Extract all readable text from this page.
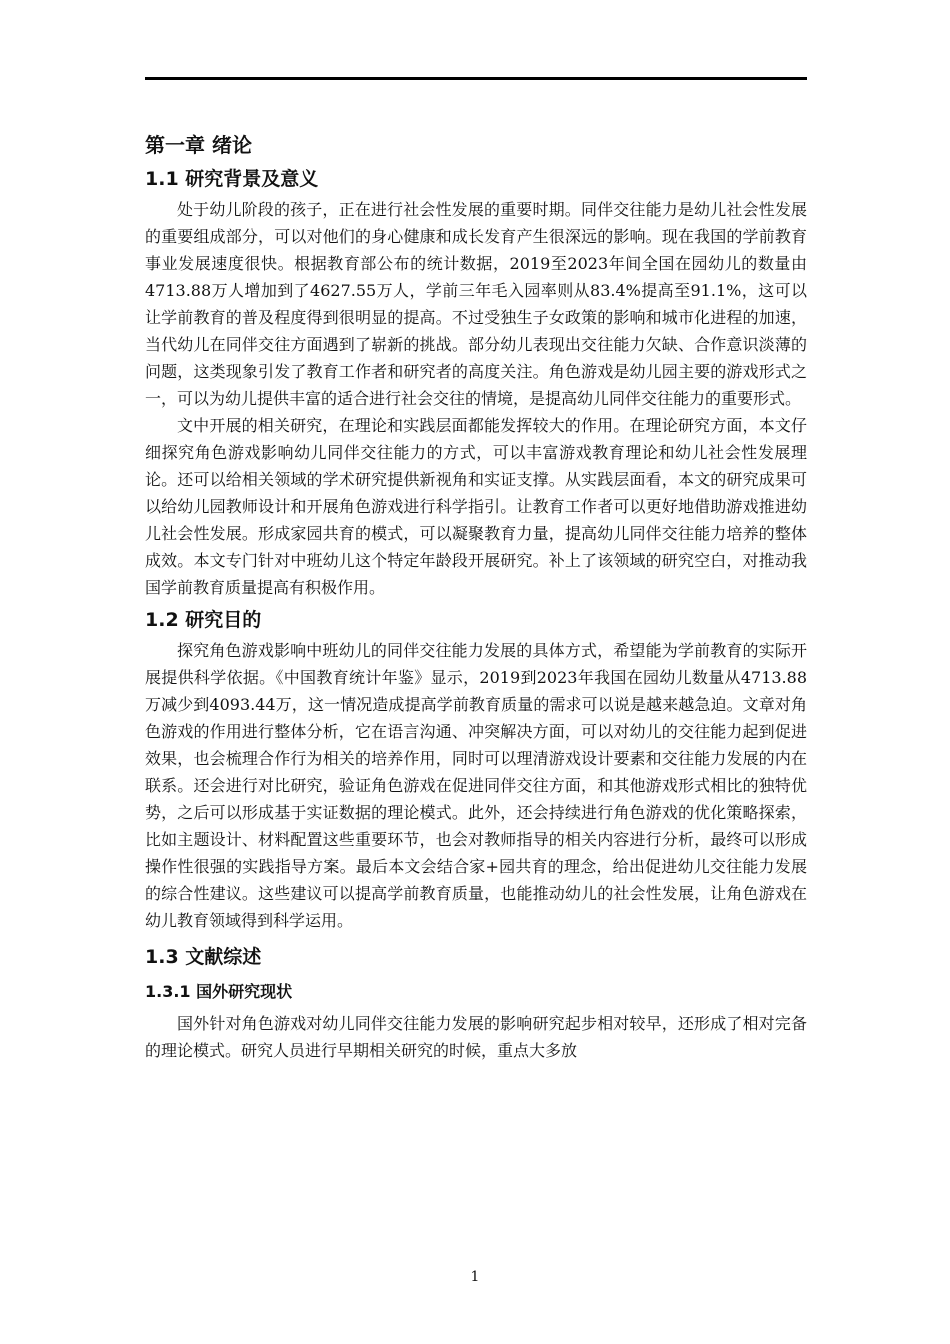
第一章 绪论
1.1 研究背景及意义

处于幼儿阶段的孩子，正在进行社会性发展的重要时期。同伴交往能力是幼儿社会性发展的重要组成部分，可以对他们的身心健康和成长发育产生很深远的影响。现在我国的学前教育事业发展速度很快。根据教育部公布的统计数据，2019至2023年间全国在园幼儿的数量由4713.88万人增加到了4627.55万人，学前三年毛入园率则从83.4%提高至91.1%，这可以让学前教育的普及程度得到很明显的提高。不过受独生子女政策的影响和城市化进程的加速，当代幼儿在同伴交往方面遇到了崭新的挑战。部分幼儿表现出交往能力欠缺、合作意识淡薄的问题，这类现象引发了教育工作者和研究者的高度关注。角色游戏是幼儿园主要的游戏形式之一，可以为幼儿提供丰富的适合进行社会交往的情境，是提高幼儿同伴交往能力的重要形式。

文中开展的相关研究，在理论和实践层面都能发挥较大的作用。在理论研究方面，本文仔细探究角色游戏影响幼儿同伴交往能力的方式，可以丰富游戏教育理论和幼儿社会性发展理论。还可以给相关领域的学术研究提供新视角和实证支撑。从实践层面看，本文的研究成果可以给幼儿园教师设计和开展角色游戏进行科学指引。让教育工作者可以更好地借助游戏推进幼儿社会性发展。形成家园共育的模式，可以凝聚教育力量，提高幼儿同伴交往能力培养的整体成效。本文专门针对中班幼儿这个特定年龄段开展研究。补上了该领域的研究空白，对推动我国学前教育质量提高有积极作用。

1.2 研究目的

探究角色游戏影响中班幼儿的同伴交往能力发展的具体方式，希望能为学前教育的实际开展提供科学依据。《中国教育统计年鉴》显示，2019到2023年我国在园幼儿数量从4713.88万减少到4093.44万，这一情况造成提高学前教育质量的需求可以说是越来越急迫。文章对角色游戏的作用进行整体分析，它在语言沟通、冲突解决方面，可以对幼儿的交往能力起到促进效果，也会梳理合作行为相关的培养作用，同时可以理清游戏设计要素和交往能力发展的内在联系。还会进行对比研究，验证角色游戏在促进同伴交往方面，和其他游戏形式相比的独特优势，之后可以形成基于实证数据的理论模式。此外，还会持续进行角色游戏的优化策略探索，比如主题设计、材料配置这些重要环节，也会对教师指导的相关内容进行分析，最终可以形成操作性很强的实践指导方案。最后本文会结合家+园共育的理念，给出促进幼儿交往能力发展的综合性建议。这些建议可以提高学前教育质量，也能推动幼儿的社会性发展，让角色游戏在幼儿教育领域得到科学运用。

1.3 文献综述
1.3.1 国外研究现状

国外针对角色游戏对幼儿同伴交往能力发展的影响研究起步相对较早，还形成了相对完备的理论模式。研究人员进行早期相关研究的时候，重点大多放

1
